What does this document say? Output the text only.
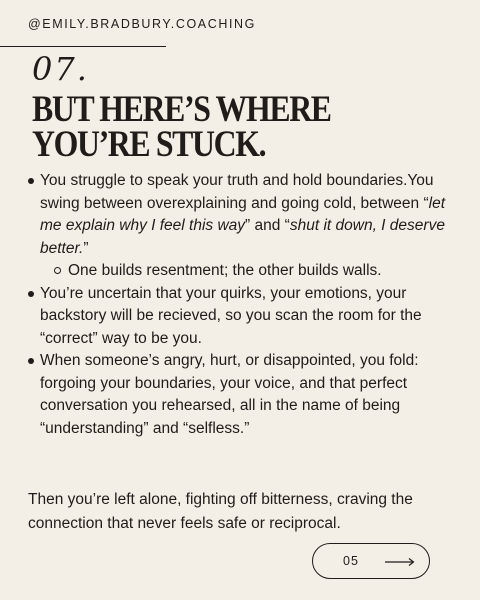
@EMILY.BRADBURY.COACHING
07.
BUT HERE’S WHERE
YOU’RE STUCK.
You struggle to speak your truth and hold boundaries.You swing between overexplaining and going cold, between “let me explain why I feel this way” and “shut it down, I deserve better.”
One builds resentment; the other builds walls.
You’re uncertain that your quirks, your emotions, your backstory will be recieved, so you scan the room for the “correct” way to be you.
When someone’s angry, hurt, or disappointed, you fold: forgoing your boundaries, your voice, and that perfect conversation you rehearsed, all in the name of being “understanding” and “selfless.”

Then you’re left alone, fighting off bitterness, craving the connection that never feels safe or reciprocal.

05
